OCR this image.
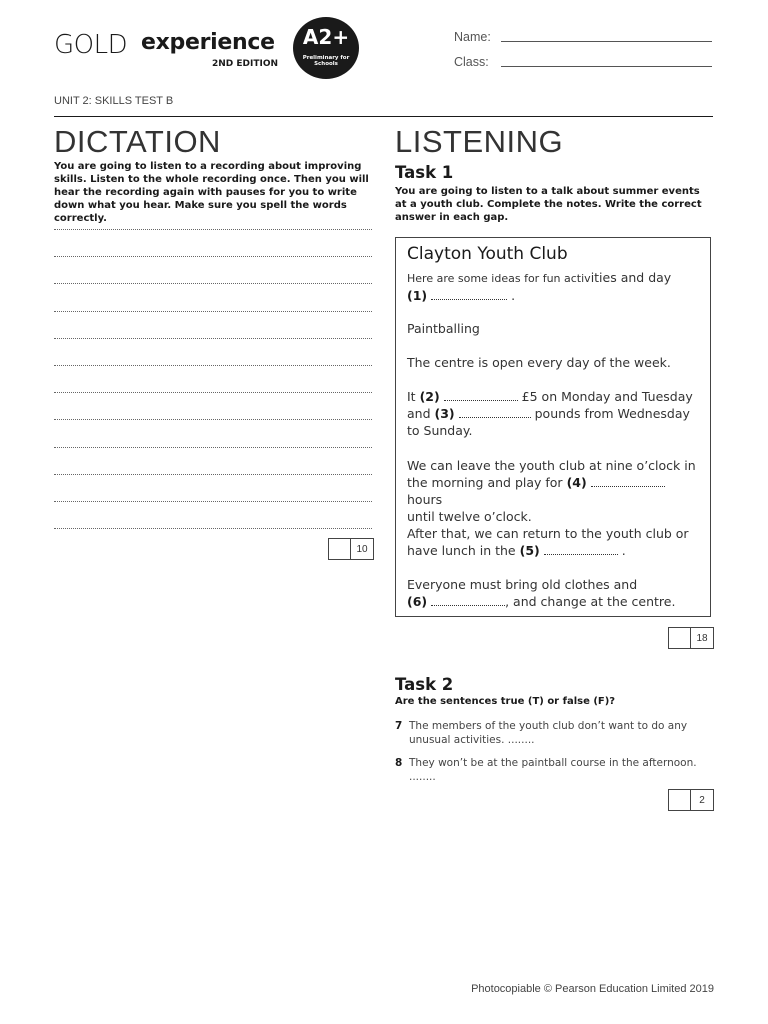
GOLD experience
2ND EDITION
A2+
Preliminary for Schools
Name:
Class:
UNIT 2: SKILLS TEST B
DICTATION
You are going to listen to a recording about improving skills. Listen to the whole recording once. Then you will hear the recording again with pauses for you to write down what you hear. Make sure you spell the words correctly.
10
LISTENING
Task 1
You are going to listen to a talk about summer events at a youth club. Complete the notes. Write the correct answer in each gap.
Clayton Youth Club
Here are some ideas for fun activities and day
(1)	.
Paintballing
The centre is open every day of the week.
It (2)	£5 on Monday and Tuesday
and (3)	pounds from Wednesday
to Sunday.
We can leave the youth club at nine o’clock in
the morning and play for (4)  hours
until twelve o’clock.
After that, we can return to the youth club or
have lunch in the (5)	.
Everyone must bring old clothes and
(6)	, and change at the centre.
18
Task 2
Are the sentences true (T) or false (F)?
7 The members of the youth club don’t want to do any unusual activities. ........
8 They won’t be at the paintball course in the afternoon. ........
2
Photocopiable © Pearson Education Limited 2019
